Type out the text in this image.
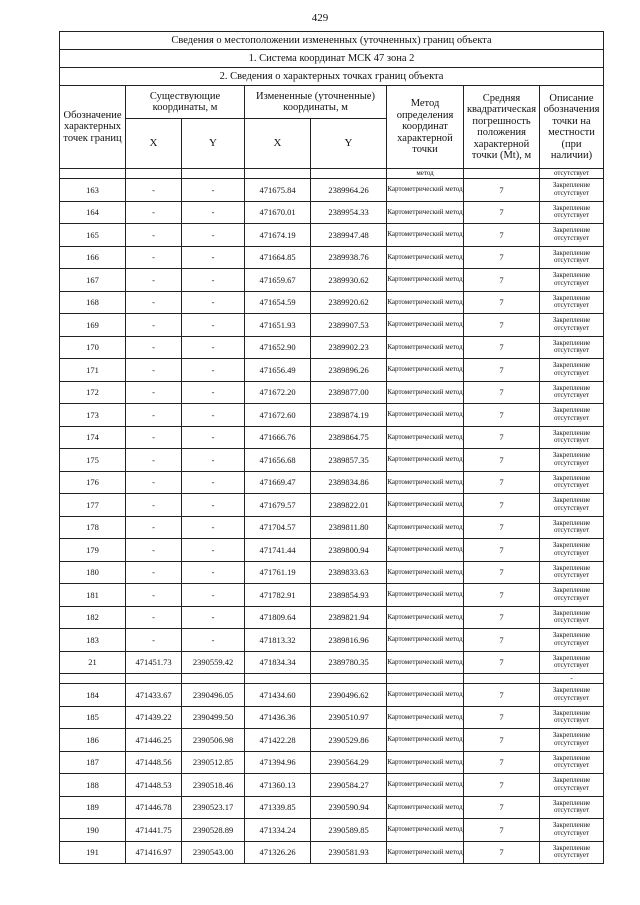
429
Сведения о местоположении измененных (уточненных) границ объекта							
1. Система координат МСК 47 зона 2							
2. Сведения о характерных точках границ объекта							
Обозначение характерных точек границ	Существующие координаты, м		Измененные (уточненные) координаты, м		Метод определения координат характерной точки	Средняя квадратическая погрешность положения характерной точки (Mt), м	Описание обозначения точки на местности (при наличии)
	X	Y	X	Y			
					метод		отсутствует
163	-	-	471675.84	2389964.26	Картометрический метод	7	Закрепление отсутствует
164	-	-	471670.01	2389954.33	Картометрический метод	7	Закрепление отсутствует
165	-	-	471674.19	2389947.48	Картометрический метод	7	Закрепление отсутствует
166	-	-	471664.85	2389938.76	Картометрический метод	7	Закрепление отсутствует
167	-	-	471659.67	2389930.62	Картометрический метод	7	Закрепление отсутствует
168	-	-	471654.59	2389920.62	Картометрический метод	7	Закрепление отсутствует
169	-	-	471651.93	2389907.53	Картометрический метод	7	Закрепление отсутствует
170	-	-	471652.90	2389902.23	Картометрический метод	7	Закрепление отсутствует
171	-	-	471656.49	2389896.26	Картометрический метод	7	Закрепление отсутствует
172	-	-	471672.20	2389877.00	Картометрический метод	7	Закрепление отсутствует
173	-	-	471672.60	2389874.19	Картометрический метод	7	Закрепление отсутствует
174	-	-	471666.76	2389864.75	Картометрический метод	7	Закрепление отсутствует
175	-	-	471656.68	2389857.35	Картометрический метод	7	Закрепление отсутствует
176	-	-	471669.47	2389834.86	Картометрический метод	7	Закрепление отсутствует
177	-	-	471679.57	2389822.01	Картометрический метод	7	Закрепление отсутствует
178	-	-	471704.57	2389811.80	Картометрический метод	7	Закрепление отсутствует
179	-	-	471741.44	2389800.94	Картометрический метод	7	Закрепление отсутствует
180	-	-	471761.19	2389833.63	Картометрический метод	7	Закрепление отсутствует
181	-	-	471782.91	2389854.93	Картометрический метод	7	Закрепление отсутствует
182	-	-	471809.64	2389821.94	Картометрический метод	7	Закрепление отсутствует
183	-	-	471813.32	2389816.96	Картометрический метод	7	Закрепление отсутствует
21	471451.73	2390559.42	471834.34	2389780.35	Картометрический метод	7	Закрепление отсутствует
							-
184	471433.67	2390496.05	471434.60	2390496.62	Картометрический метод	7	Закрепление отсутствует
185	471439.22	2390499.50	471436.36	2390510.97	Картометрический метод	7	Закрепление отсутствует
186	471446.25	2390506.98	471422.28	2390529.86	Картометрический метод	7	Закрепление отсутствует
187	471448.56	2390512.85	471394.96	2390564.29	Картометрический метод	7	Закрепление отсутствует
188	471448.53	2390518.46	471360.13	2390584.27	Картометрический метод	7	Закрепление отсутствует
189	471446.78	2390523.17	471339.85	2390590.94	Картометрический метод	7	Закрепление отсутствует
190	471441.75	2390528.89	471334.24	2390589.85	Картометрический метод	7	Закрепление отсутствует
191	471416.97	2390543.00	471326.26	2390581.93	Картометрический метод	7	Закрепление отсутствует
